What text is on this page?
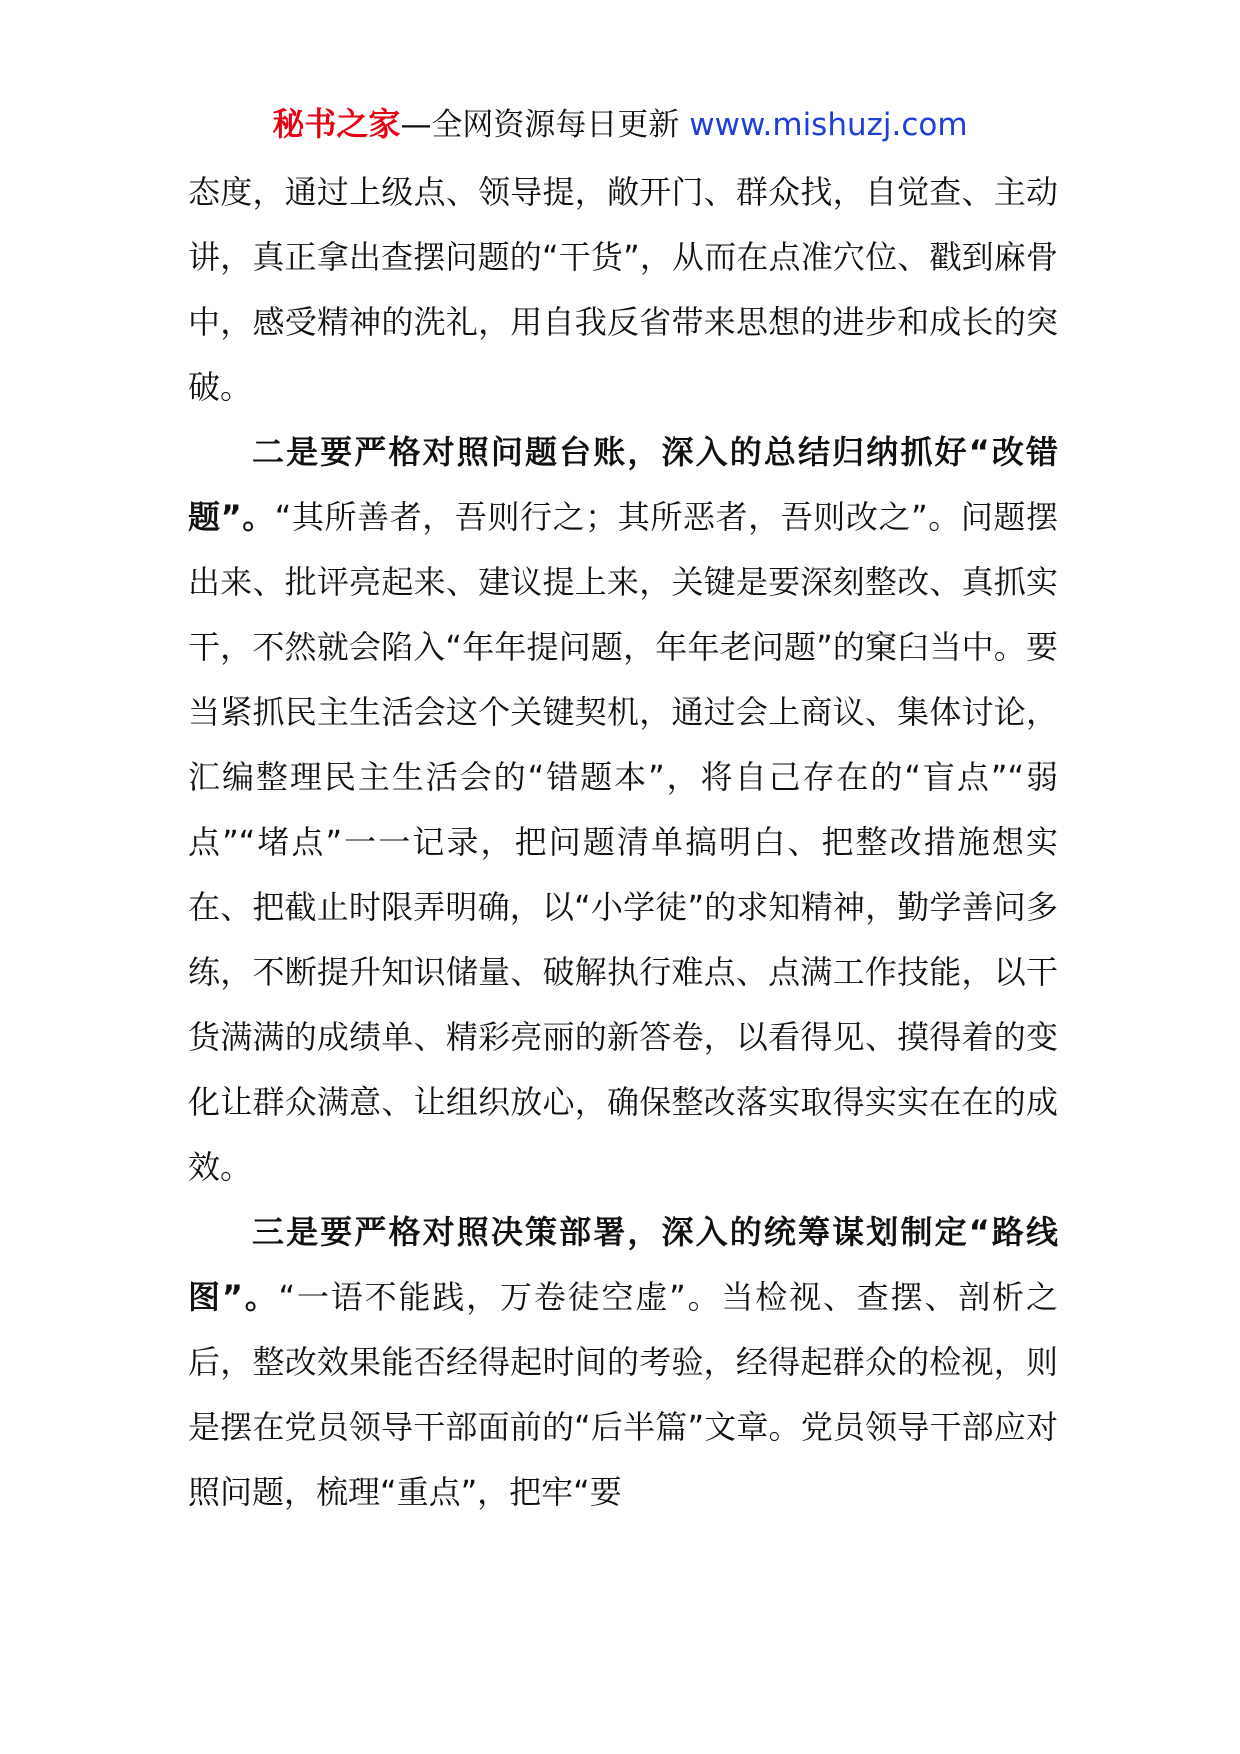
秘书之家—全网资源每日更新 www.mishuzj.com

态度，通过上级点、领导提，敞开门、群众找，自觉查、主动讲，真正拿出查摆问题的“干货”，从而在点准穴位、戳到麻骨中，感受精神的洗礼，用自我反省带来思想的进步和成长的突破。

二是要严格对照问题台账，深入的总结归纳抓好“改错题”。“其所善者，吾则行之；其所恶者，吾则改之”。问题摆出来、批评亮起来、建议提上来，关键是要深刻整改、真抓实干，不然就会陷入“年年提问题，年年老问题”的窠臼当中。要当紧抓民主生活会这个关键契机，通过会上商议、集体讨论，汇编整理民主生活会的“错题本”，将自己存在的“盲点”“弱点”“堵点”一一记录，把问题清单搞明白、把整改措施想实在、把截止时限弄明确，以“小学徒”的求知精神，勤学善问多练，不断提升知识储量、破解执行难点、点满工作技能，以干货满满的成绩单、精彩亮丽的新答卷，以看得见、摸得着的变化让群众满意、让组织放心，确保整改落实取得实实在在的成效。

三是要严格对照决策部署，深入的统筹谋划制定“路线图”。“一语不能践，万卷徒空虚”。当检视、查摆、剖析之后，整改效果能否经得起时间的考验，经得起群众的检视，则是摆在党员领导干部面前的“后半篇”文章。党员领导干部应对照问题，梳理“重点”，把牢“要
